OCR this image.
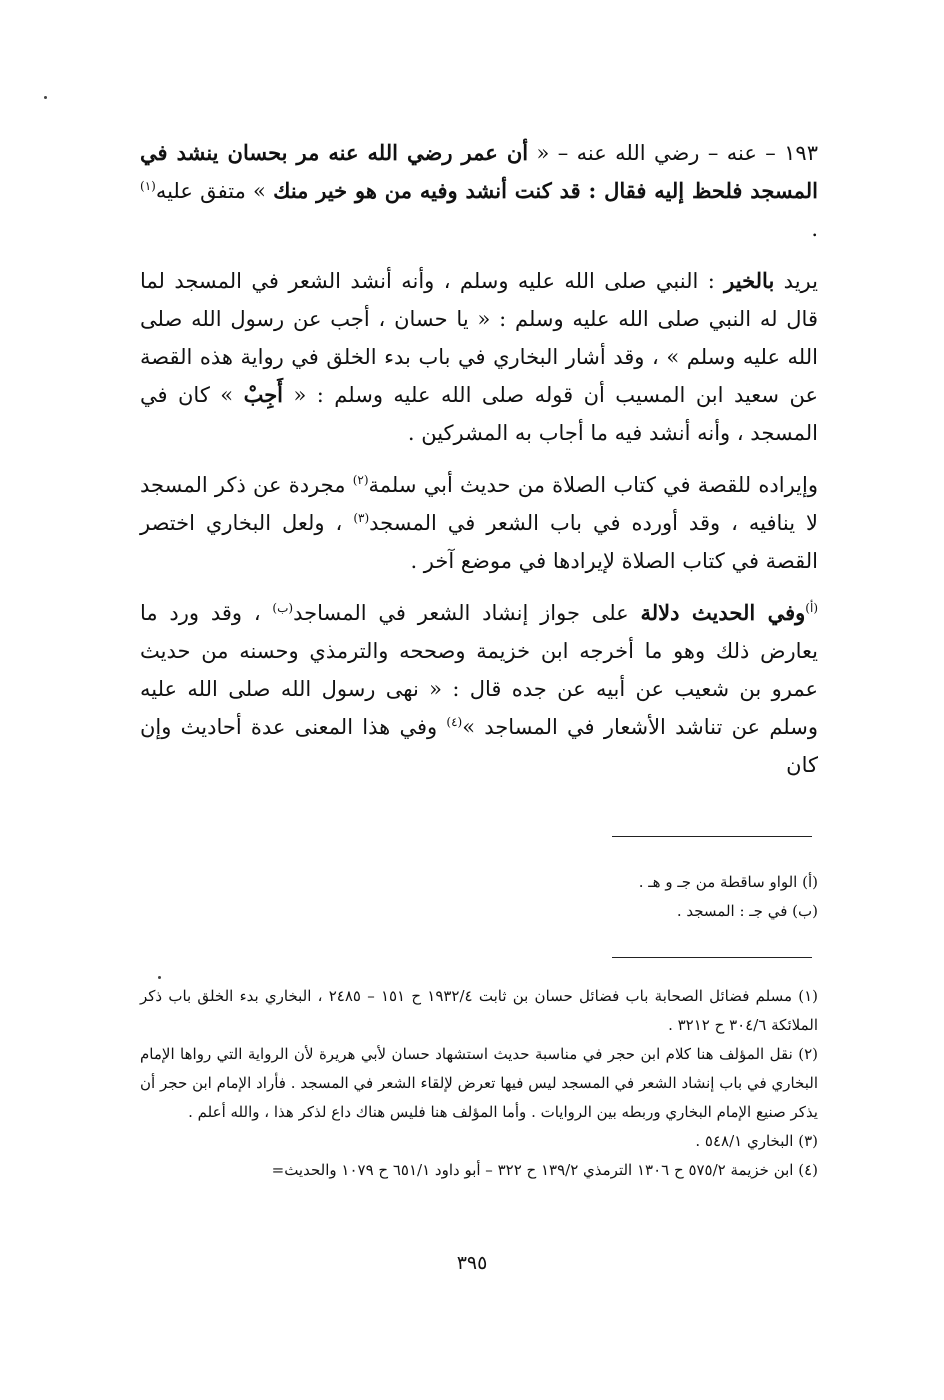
١٩٣ – عنه – رضي الله عنه – « أن عمر رضي الله عنه مر بحسان ينشد في المسجد فلحظ إليه فقال : قد كنت أنشد وفيه من هو خير منك » متفق عليه$^{(١)}$ .

يريد بالخير : النبي صلى الله عليه وسلم ، وأنه أنشد الشعر في المسجد لما قال له النبي صلى الله عليه وسلم : « يا حسان ، أجب عن رسول الله صلى الله عليه وسلم » ، وقد أشار البخاري في باب بدء الخلق في رواية هذه القصة عن سعيد ابن المسيب أن قوله صلى الله عليه وسلم : « أَجِبْ » كان في المسجد ، وأنه أنشد فيه ما أجاب به المشركين .

وإيراده للقصة في كتاب الصلاة من حديث أبي سلمة$^{(٢)}$ مجردة عن ذكر المسجد لا ينافيه ، وقد أورده في باب الشعر في المسجد$^{(٣)}$ ، ولعل البخاري اختصر القصة في كتاب الصلاة لإيرادها في موضع آخر .

$^{(أ)}$وفي الحديث دلالة على جواز إنشاد الشعر في المساجد$^{(ب)}$ ، وقد ورد ما يعارض ذلك وهو ما أخرجه ابن خزيمة وصححه والترمذي وحسنه من حديث عمرو بن شعيب عن أبيه عن جده قال : « نهى رسول الله صلى الله عليه وسلم عن تناشد الأشعار في المساجد »$^{(٤)}$ وفي هذا المعنى عدة أحاديث وإن كان

(أ) الواو ساقطة من جـ و هـ .

(ب) في جـ : المسجد .

(١) مسلم فضائل الصحابة باب فضائل حسان بن ثابت ١٩٣٢/٤ ح ١٥١ – ٢٤٨٥ ، البخاري بدء الخلق باب ذكر الملائكة ٣٠٤/٦ ح ٣٢١٢ .

(٢) نقل المؤلف هنا كلام ابن حجر في مناسبة حديث استشهاد حسان لأبي هريرة لأن الرواية التي رواها الإمام البخاري في باب إنشاد الشعر في المسجد ليس فيها تعرض لإلقاء الشعر في المسجد . فأراد الإمام ابن حجر أن يذكر صنيع الإمام البخاري وربطه بين الروايات . وأما المؤلف هنا فليس هناك داع لذكر هذا ، والله أعلم .

(٣) البخاري ٥٤٨/١ .

(٤) ابن خزيمة ٥٧٥/٢ ح ١٣٠٦ الترمذي ١٣٩/٢ ح ٣٢٢ – أبو داود ٦٥١/١ ح ١٠٧٩ والحديث=

٣٩٥
